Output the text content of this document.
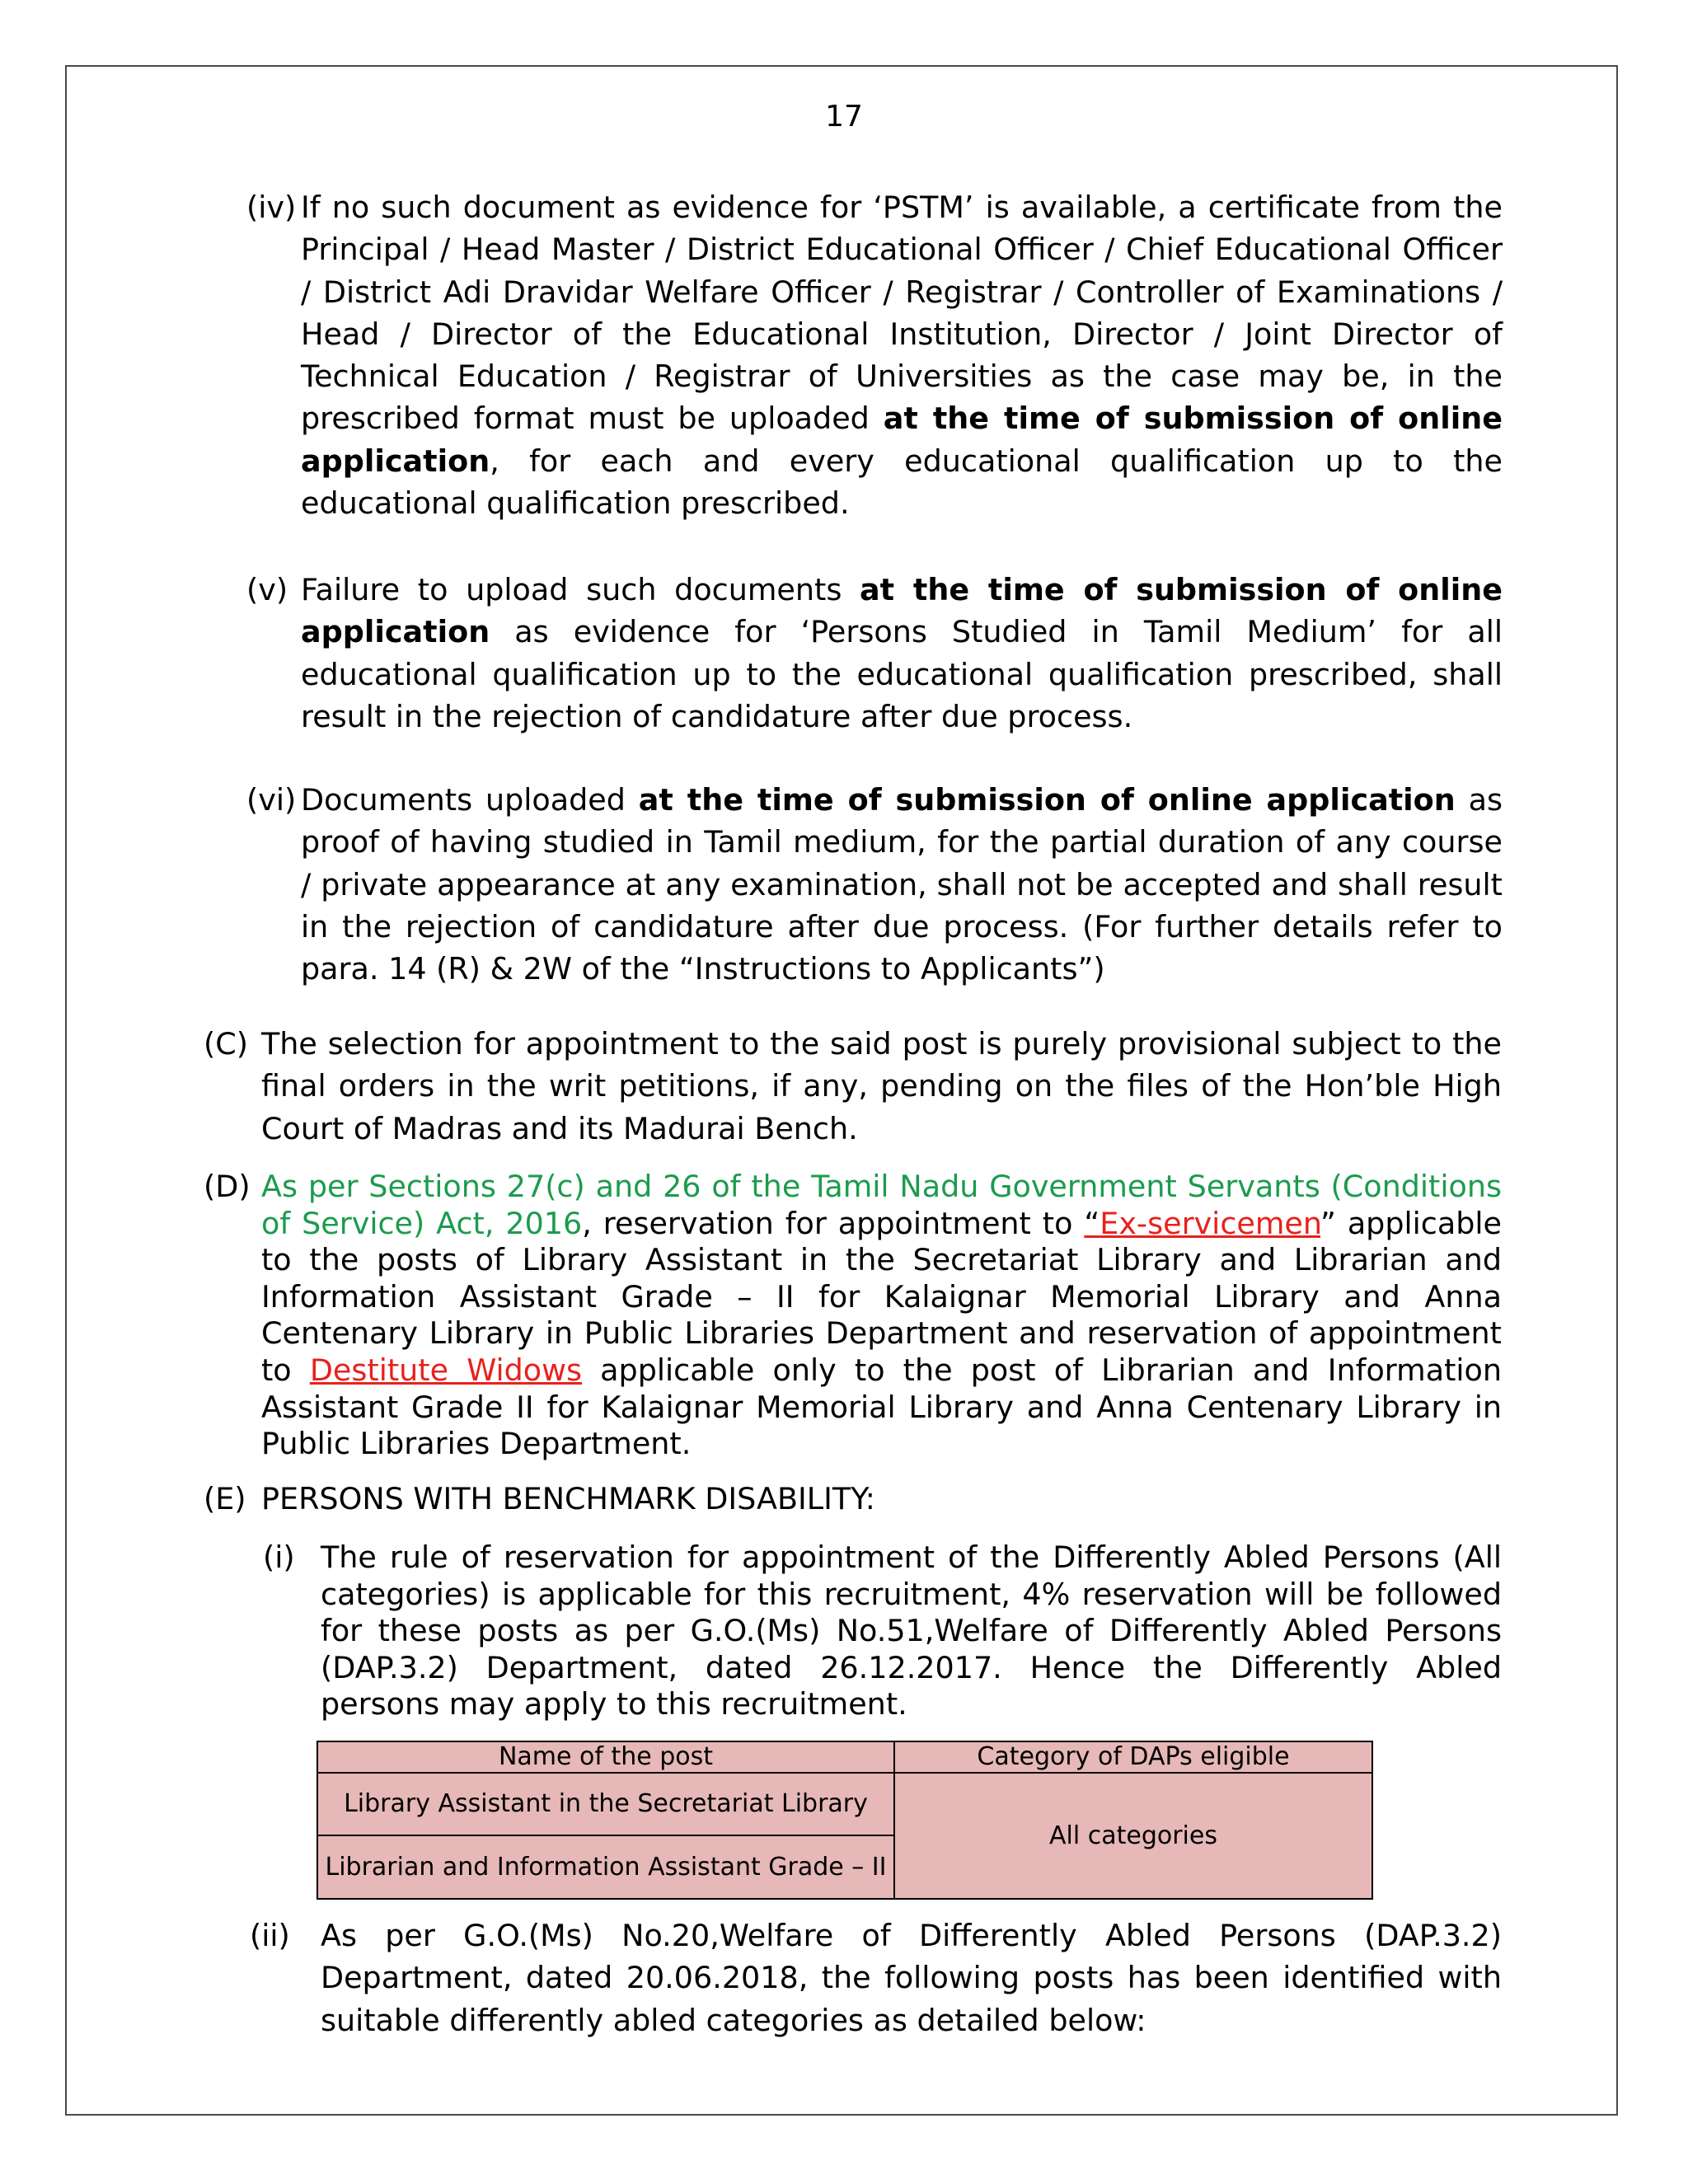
17
(iv) If no such document as evidence for ‘PSTM’ is available, a certificate from the Principal / Head Master / District Educational Officer / Chief Educational Officer / District Adi Dravidar Welfare Officer / Registrar / Controller of Examinations / Head / Director of the Educational Institution, Director / Joint Director of Technical Education / Registrar of Universities as the case may be, in the prescribed format must be uploaded at the time of submission of online application, for each and every educational qualification up to the educational qualification prescribed.
(v) Failure to upload such documents at the time of submission of online application as evidence for ‘Persons Studied in Tamil Medium’ for all educational qualification up to the educational qualification prescribed, shall result in the rejection of candidature after due process.
(vi) Documents uploaded at the time of submission of online application as proof of having studied in Tamil medium, for the partial duration of any course / private appearance at any examination, shall not be accepted and shall result in the rejection of candidature after due process. (For further details refer to para. 14 (R) & 2W of the “Instructions to Applicants”)
(C) The selection for appointment to the said post is purely provisional subject to the final orders in the writ petitions, if any, pending on the files of the Hon’ble High Court of Madras and its Madurai Bench.
(D) As per Sections 27(c) and 26 of the Tamil Nadu Government Servants (Conditions of Service) Act, 2016, reservation for appointment to “Ex-servicemen” applicable to the posts of Library Assistant in the Secretariat Library and Librarian and Information Assistant Grade – II for Kalaignar Memorial Library and Anna Centenary Library in Public Libraries Department and reservation of appointment to Destitute Widows applicable only to the post of Librarian and Information Assistant Grade II for Kalaignar Memorial Library and Anna Centenary Library in Public Libraries Department.
(E) PERSONS WITH BENCHMARK DISABILITY:
(i) The rule of reservation for appointment of the Differently Abled Persons (All categories) is applicable for this recruitment, 4% reservation will be followed for these posts as per G.O.(Ms) No.51,Welfare of Differently Abled Persons (DAP.3.2) Department, dated 26.12.2017. Hence the Differently Abled persons may apply to this recruitment.
Name of the post	Category of DAPs eligible
Library Assistant in the Secretariat Library	All categories
Librarian and Information Assistant Grade – II	
(ii) As per G.O.(Ms) No.20,Welfare of Differently Abled Persons (DAP.3.2) Department, dated 20.06.2018, the following posts has been identified with suitable differently abled categories as detailed below:
